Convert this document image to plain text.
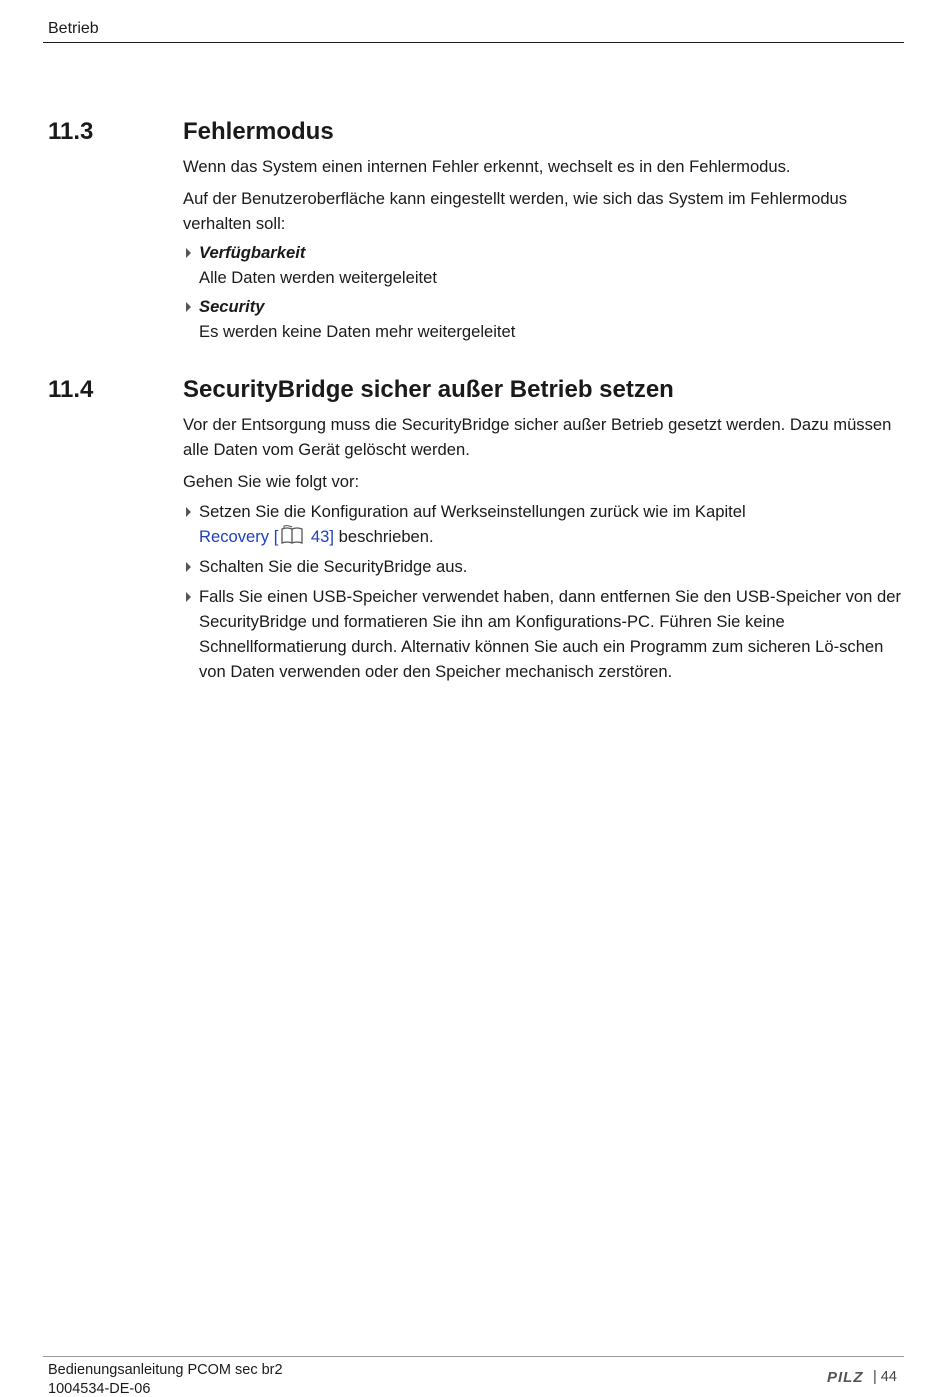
Betrieb
11.3	Fehlermodus

Wenn das System einen internen Fehler erkennt, wechselt es in den Fehlermodus.

Auf der Benutzeroberfläche kann eingestellt werden, wie sich das System im Fehlermodus verhalten soll:

Verfügbarkeit
Alle Daten werden weitergeleitet
Security
Es werden keine Daten mehr weitergeleitet
11.4	SecurityBridge sicher außer Betrieb setzen

Vor der Entsorgung muss die SecurityBridge sicher außer Betrieb gesetzt werden. Dazu müssen alle Daten vom Gerät gelöscht werden.

Gehen Sie wie folgt vor:

Setzen Sie die Konfiguration auf Werkseinstellungen zurück wie im Kapitel
Recovery [ 43] beschrieben.
Schalten Sie die SecurityBridge aus.
Falls Sie einen USB-Speicher verwendet haben, dann entfernen Sie den USB-Speicher von der SecurityBridge und formatieren Sie ihn am Konfigurations-PC. Führen Sie keine Schnellformatierung durch. Alternativ können Sie auch ein Programm zum sicheren Lö-schen von Daten verwenden oder den Speicher mechanisch zerstören.
Bedienungsanleitung PCOM sec br2
1004534-DE-06
PILZ | 44
